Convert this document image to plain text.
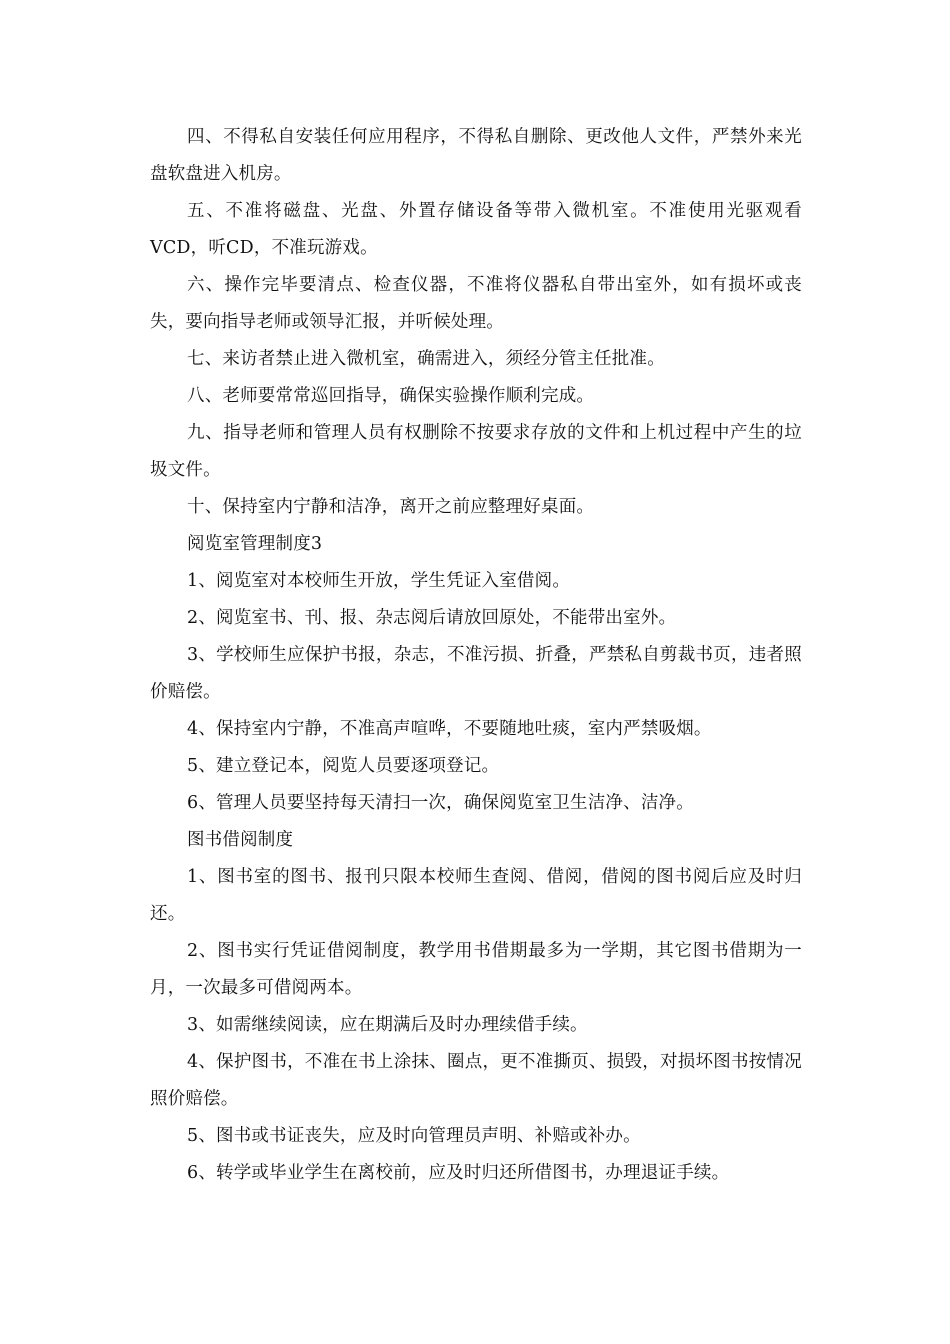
四、不得私自安装任何应用程序，不得私自删除、更改他人文件，严禁外来光盘软盘进入机房。

五、不准将磁盘、光盘、外置存储设备等带入微机室。不准使用光驱观看VCD，听CD，不准玩游戏。

六、操作完毕要清点、检查仪器，不准将仪器私自带出室外，如有损坏或丧失，要向指导老师或领导汇报，并听候处理。

七、来访者禁止进入微机室，确需进入，须经分管主任批准。

八、老师要常常巡回指导，确保实验操作顺利完成。

九、指导老师和管理人员有权删除不按要求存放的文件和上机过程中产生的垃圾文件。

十、保持室内宁静和洁净，离开之前应整理好桌面。

阅览室管理制度3

1、阅览室对本校师生开放，学生凭证入室借阅。

2、阅览室书、刊、报、杂志阅后请放回原处，不能带出室外。

3、学校师生应保护书报，杂志，不准污损、折叠，严禁私自剪裁书页，违者照价赔偿。

4、保持室内宁静，不准高声喧哗，不要随地吐痰，室内严禁吸烟。

5、建立登记本，阅览人员要逐项登记。

6、管理人员要坚持每天清扫一次，确保阅览室卫生洁净、洁净。

图书借阅制度

1、图书室的图书、报刊只限本校师生查阅、借阅，借阅的图书阅后应及时归还。

2、图书实行凭证借阅制度，教学用书借期最多为一学期，其它图书借期为一月，一次最多可借阅两本。

3、如需继续阅读，应在期满后及时办理续借手续。

4、保护图书，不准在书上涂抹、圈点，更不准撕页、损毁，对损坏图书按情况照价赔偿。

5、图书或书证丧失，应及时向管理员声明、补赔或补办。

6、转学或毕业学生在离校前，应及时归还所借图书，办理退证手续。
